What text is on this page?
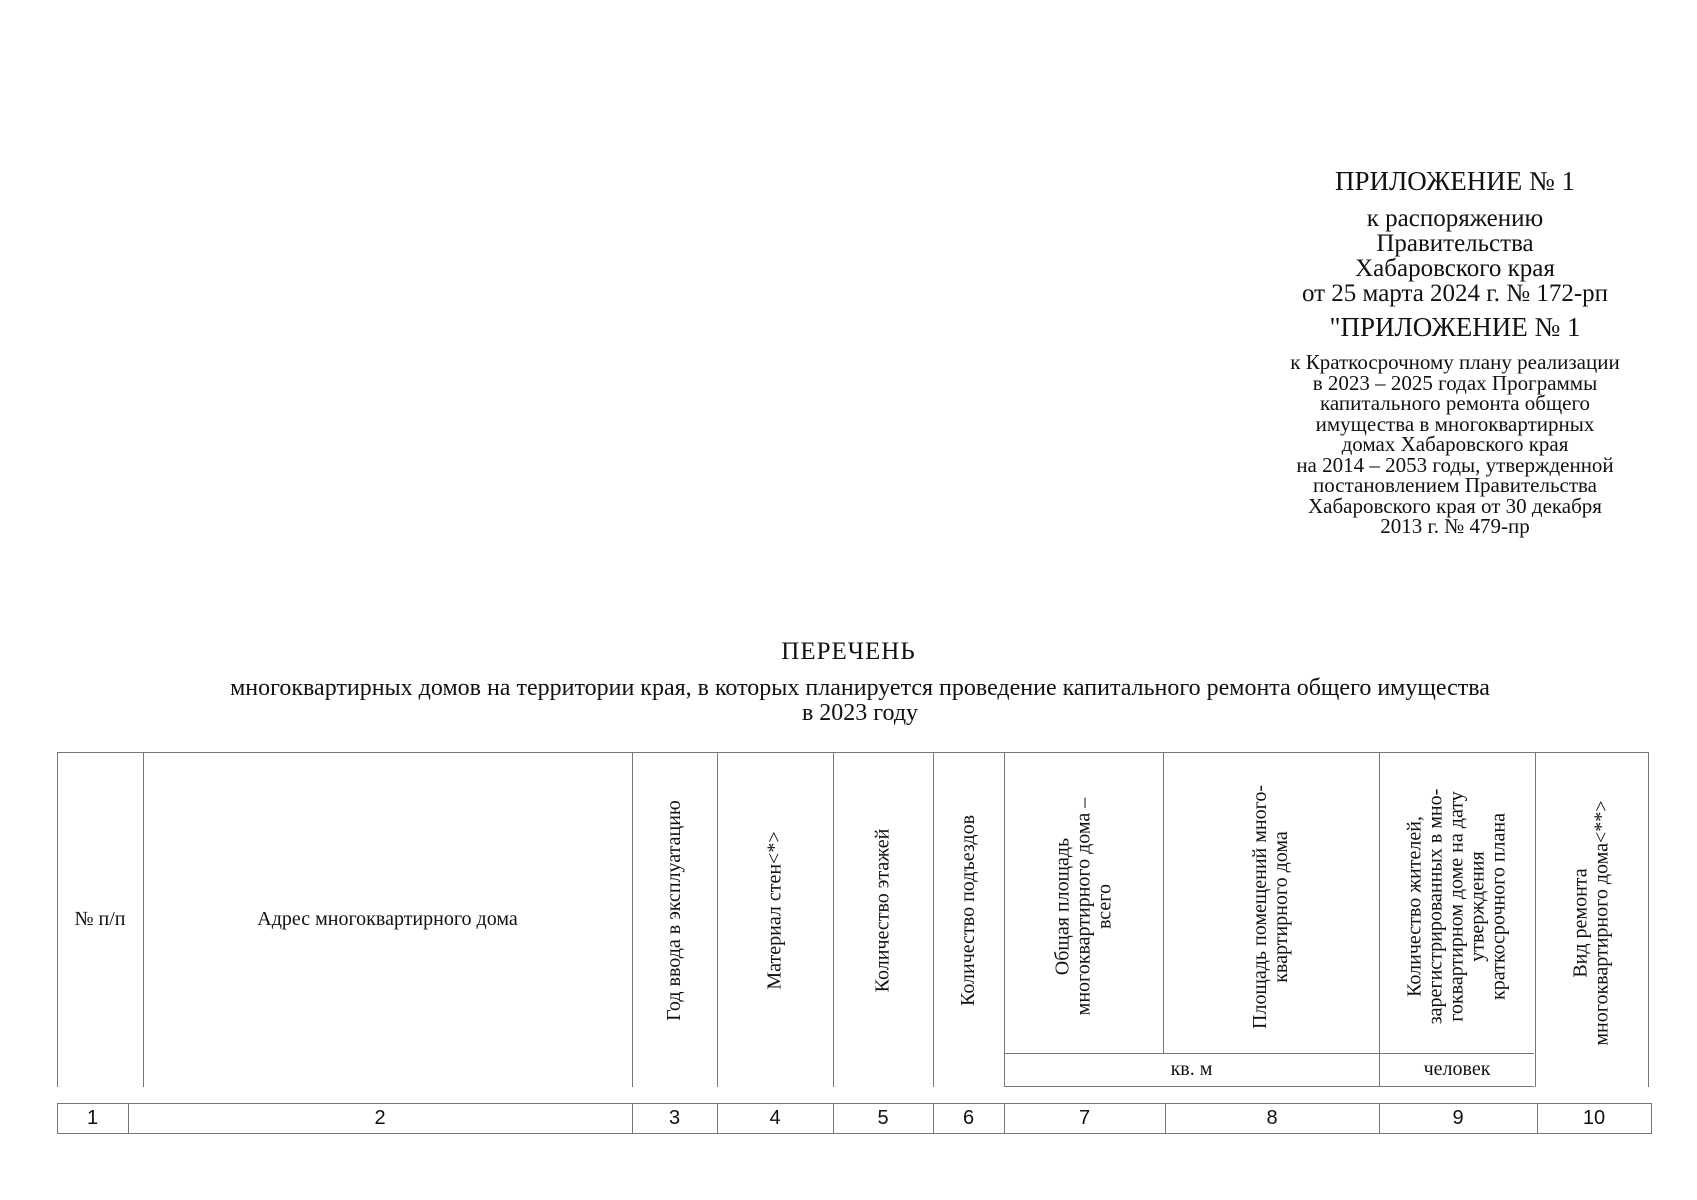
ПРИЛОЖЕНИЕ № 1
к распоряжению
Правительства
Хабаровского края
от 25 марта 2024 г. № 172-рп
"ПРИЛОЖЕНИЕ № 1
к Краткосрочному плану реализации
в 2023 – 2025 годах Программы
капитального ремонта общего
имущества в многоквартирных
домах Хабаровского края
на 2014 – 2053 годы, утвержденной
постановлением Правительства
Хабаровского края от 30 декабря
2013 г. № 479-пр
ПЕРЕЧЕНЬ
многоквартирных домов на территории края, в которых планируется проведение капитального ремонта общего имущества
в 2023 году
№ п/п	Адрес многоквартирного дома	Год ввода в эксплуатацию	Материал стен<*>	Количество этажей	Количество подъездов	Общая площадь многоквартирного дома – всего	Площадь помещений много- квартирного дома	Количество жителей, зарегистрированных в мно- гоквартирном доме на дату утверждения краткосрочного плана	Вид ремонта многоквартирного дома<**>
кв. м	человек
1	2	3	4	5	6	7	8	9	10
